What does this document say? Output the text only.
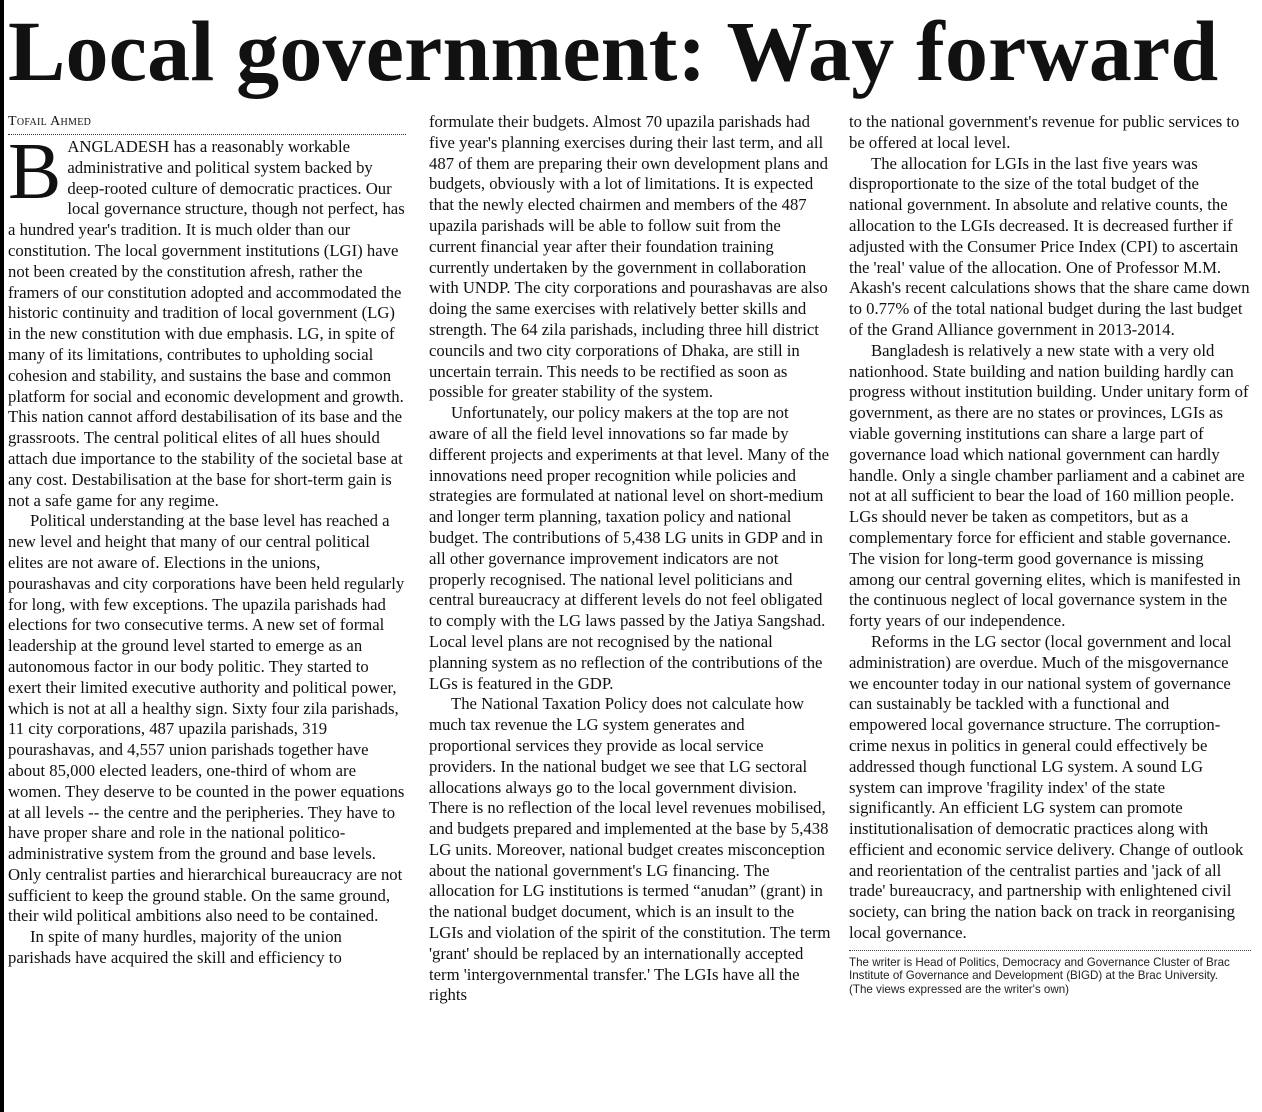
Local government: Way forward
Tofail Ahmed

BANGLADESH has a reasonably workable administrative and political system backed by deep-rooted culture of democratic practices. Our local governance structure, though not perfect, has a hundred year's tradition. It is much older than our constitution. The local government institutions (LGI) have not been created by the constitution afresh, rather the framers of our constitution adopted and accommodated the historic continuity and tradition of local government (LG) in the new constitution with due emphasis. LG, in spite of many of its limitations, contributes to upholding social cohesion and stability, and sustains the base and common platform for social and economic development and growth. This nation cannot afford destabilisation of its base and the grassroots. The central political elites of all hues should attach due importance to the stability of the societal base at any cost. Destabilisation at the base for short-term gain is not a safe game for any regime.

Political understanding at the base level has reached a new level and height that many of our central political elites are not aware of. Elections in the unions, pourashavas and city corporations have been held regularly for long, with few exceptions. The upazila parishads had elections for two consecutive terms. A new set of formal leadership at the ground level started to emerge as an autonomous factor in our body politic. They started to exert their limited executive authority and political power, which is not at all a healthy sign. Sixty four zila parishads, 11 city corporations, 487 upazila parishads, 319 pourashavas, and 4,557 union parishads together have about 85,000 elected leaders, one-third of whom are women. They deserve to be counted in the power equations at all levels -- the centre and the peripheries. They have to have proper share and role in the national politico-administrative system from the ground and base levels. Only centralist parties and hierarchical bureaucracy are not sufficient to keep the ground stable. On the same ground, their wild political ambitions also need to be contained.

In spite of many hurdles, majority of the union parishads have acquired the skill and efficiency to

formulate their budgets. Almost 70 upazila parishads had five year's planning exercises during their last term, and all 487 of them are preparing their own development plans and budgets, obviously with a lot of limitations. It is expected that the newly elected chairmen and members of the 487 upazila parishads will be able to follow suit from the current financial year after their foundation training currently undertaken by the government in collaboration with UNDP. The city corporations and pourashavas are also doing the same exercises with relatively better skills and strength. The 64 zila parishads, including three hill district councils and two city corporations of Dhaka, are still in uncertain terrain. This needs to be rectified as soon as possible for greater stability of the system.

Unfortunately, our policy makers at the top are not aware of all the field level innovations so far made by different projects and experiments at that level. Many of the innovations need proper recognition while policies and strategies are formulated at national level on short-medium and longer term planning, taxation policy and national budget. The contributions of 5,438 LG units in GDP and in all other governance improvement indicators are not properly recognised. The national level politicians and central bureaucracy at different levels do not feel obligated to comply with the LG laws passed by the Jatiya Sangshad. Local level plans are not recognised by the national planning system as no reflection of the contributions of the LGs is featured in the GDP.

The National Taxation Policy does not calculate how much tax revenue the LG system generates and proportional services they provide as local service providers. In the national budget we see that LG sectoral allocations always go to the local government division. There is no reflection of the local level revenues mobilised, and budgets prepared and implemented at the base by 5,438 LG units. Moreover, national budget creates misconception about the national government's LG financing. The allocation for LG institutions is termed “anudan” (grant) in the national budget document, which is an insult to the LGIs and violation of the spirit of the constitution. The term 'grant' should be replaced by an internationally accepted term 'intergovernmental transfer.' The LGIs have all the rights

to the national government's revenue for public services to be offered at local level.

The allocation for LGIs in the last five years was disproportionate to the size of the total budget of the national government. In absolute and relative counts, the allocation to the LGIs decreased. It is decreased further if adjusted with the Consumer Price Index (CPI) to ascertain the 'real' value of the allocation. One of Professor M.M. Akash's recent calculations shows that the share came down to 0.77% of the total national budget during the last budget of the Grand Alliance government in 2013-2014.

Bangladesh is relatively a new state with a very old nationhood. State building and nation building hardly can progress without institution building. Under unitary form of government, as there are no states or provinces, LGIs as viable governing institutions can share a large part of governance load which national government can hardly handle. Only a single chamber parliament and a cabinet are not at all sufficient to bear the load of 160 million people. LGs should never be taken as competitors, but as a complementary force for efficient and stable governance. The vision for long-term good governance is missing among our central governing elites, which is manifested in the continuous neglect of local governance system in the forty years of our independence.

Reforms in the LG sector (local government and local administration) are overdue. Much of the misgovernance we encounter today in our national system of governance can sustainably be tackled with a functional and empowered local governance structure. The corruption-crime nexus in politics in general could effectively be addressed though functional LG system. A sound LG system can improve 'fragility index' of the state significantly. An efficient LG system can promote institutionalisation of democratic practices along with efficient and economic service delivery. Change of outlook and reorientation of the centralist parties and 'jack of all trade' bureaucracy, and partnership with enlightened civil society, can bring the nation back on track in reorganising local governance.

The writer is Head of Politics, Democracy and Governance Cluster of Brac Institute of Governance and Development (BIGD) at the Brac University.
(The views expressed are the writer's own)
